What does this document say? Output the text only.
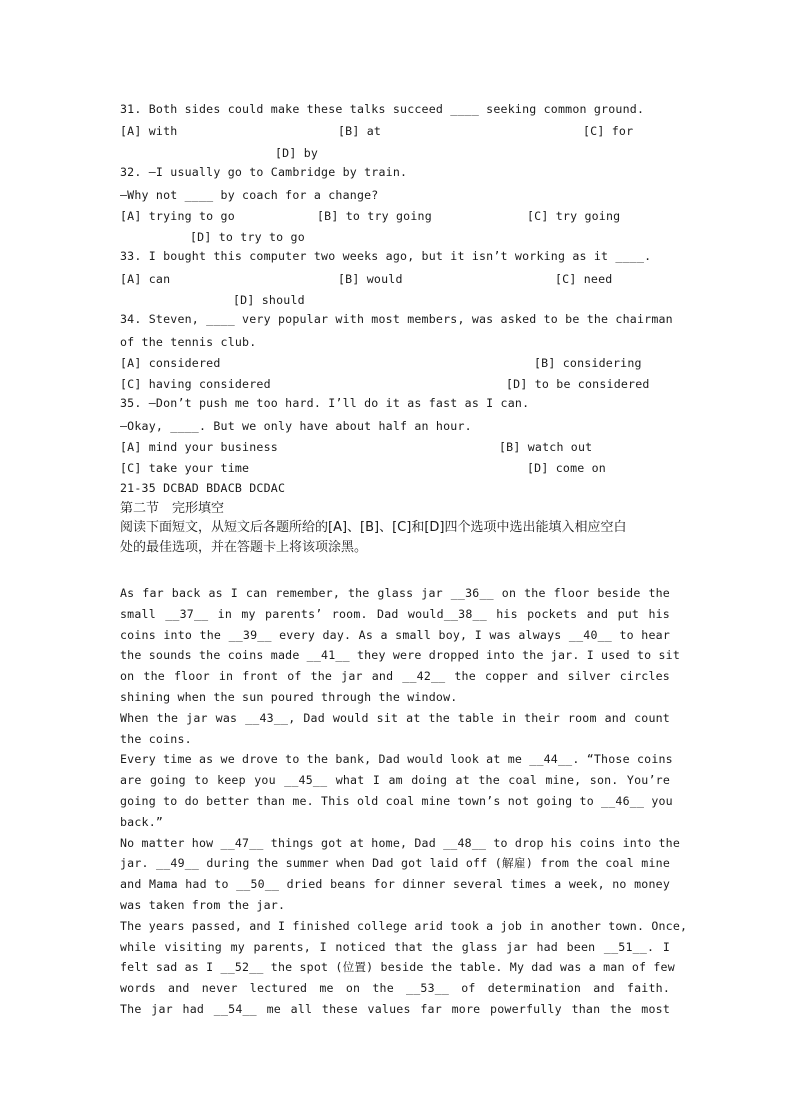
31. Both sides could make these talks succeed ____ seeking common ground.
[A] with	[B] at	[C] for
[D] by
32. —I usually go to Cambridge by train.
—Why not ____ by coach for a change?
[A] trying to go	[B] to try going	[C] try going
[D] to try to go
33. I bought this computer two weeks ago, but it isn’t working as it ____.
[A] can	[B] would	[C] need
[D] should
34. Steven, ____ very popular with most members, was asked to be the chairman
of the tennis club.
[A] considered	[B] considering
[C] having considered	[D] to be considered
35. —Don’t push me too hard. I’ll do it as fast as I can.
—Okay, ____. But we only have about half an hour.
[A] mind your business	[B] watch out
[C] take your time	[D] come on
21-35 DCBAD BDACB DCDAC
第二节　完形填空
阅读下面短文，从短文后各题所给的[A]、[B]、[C]和[D]四个选项中选出能填入相应空白
处的最佳选项，并在答题卡上将该项涂黑。
As far back as I can remember, the glass jar __36__ on the floor beside the
small __37__ in my parents’ room. Dad would__38__ his pockets and put his
coins into the __39__ every day. As a small boy, I was always __40__ to hear
the sounds the coins made __41__ they were dropped into the jar. I used to sit
on the floor in front of the jar and __42__ the copper and silver circles
shining when the sun poured through the window.
When the jar was __43__, Dad would sit at the table in their room and count
the coins.
Every time as we drove to the bank, Dad would look at me __44__. “Those coins
are going to keep you __45__ what I am doing at the coal mine, son. You’re
going to do better than me. This old coal mine town’s not going to __46__ you
back.”
No matter how __47__ things got at home, Dad __48__ to drop his coins into the
jar. __49__ during the summer when Dad got laid off (解雇) from the coal mine
and Mama had to __50__ dried beans for dinner several times a week, no money
was taken from the jar.
The years passed, and I finished college arid took a job in another town. Once,
while visiting my parents, I noticed that the glass jar had been __51__. I
felt sad as I __52__ the spot (位置) beside the table. My dad was a man of few
words and never lectured me on the __53__ of determination and faith.
The jar had __54__ me all these values far more powerfully than the most
